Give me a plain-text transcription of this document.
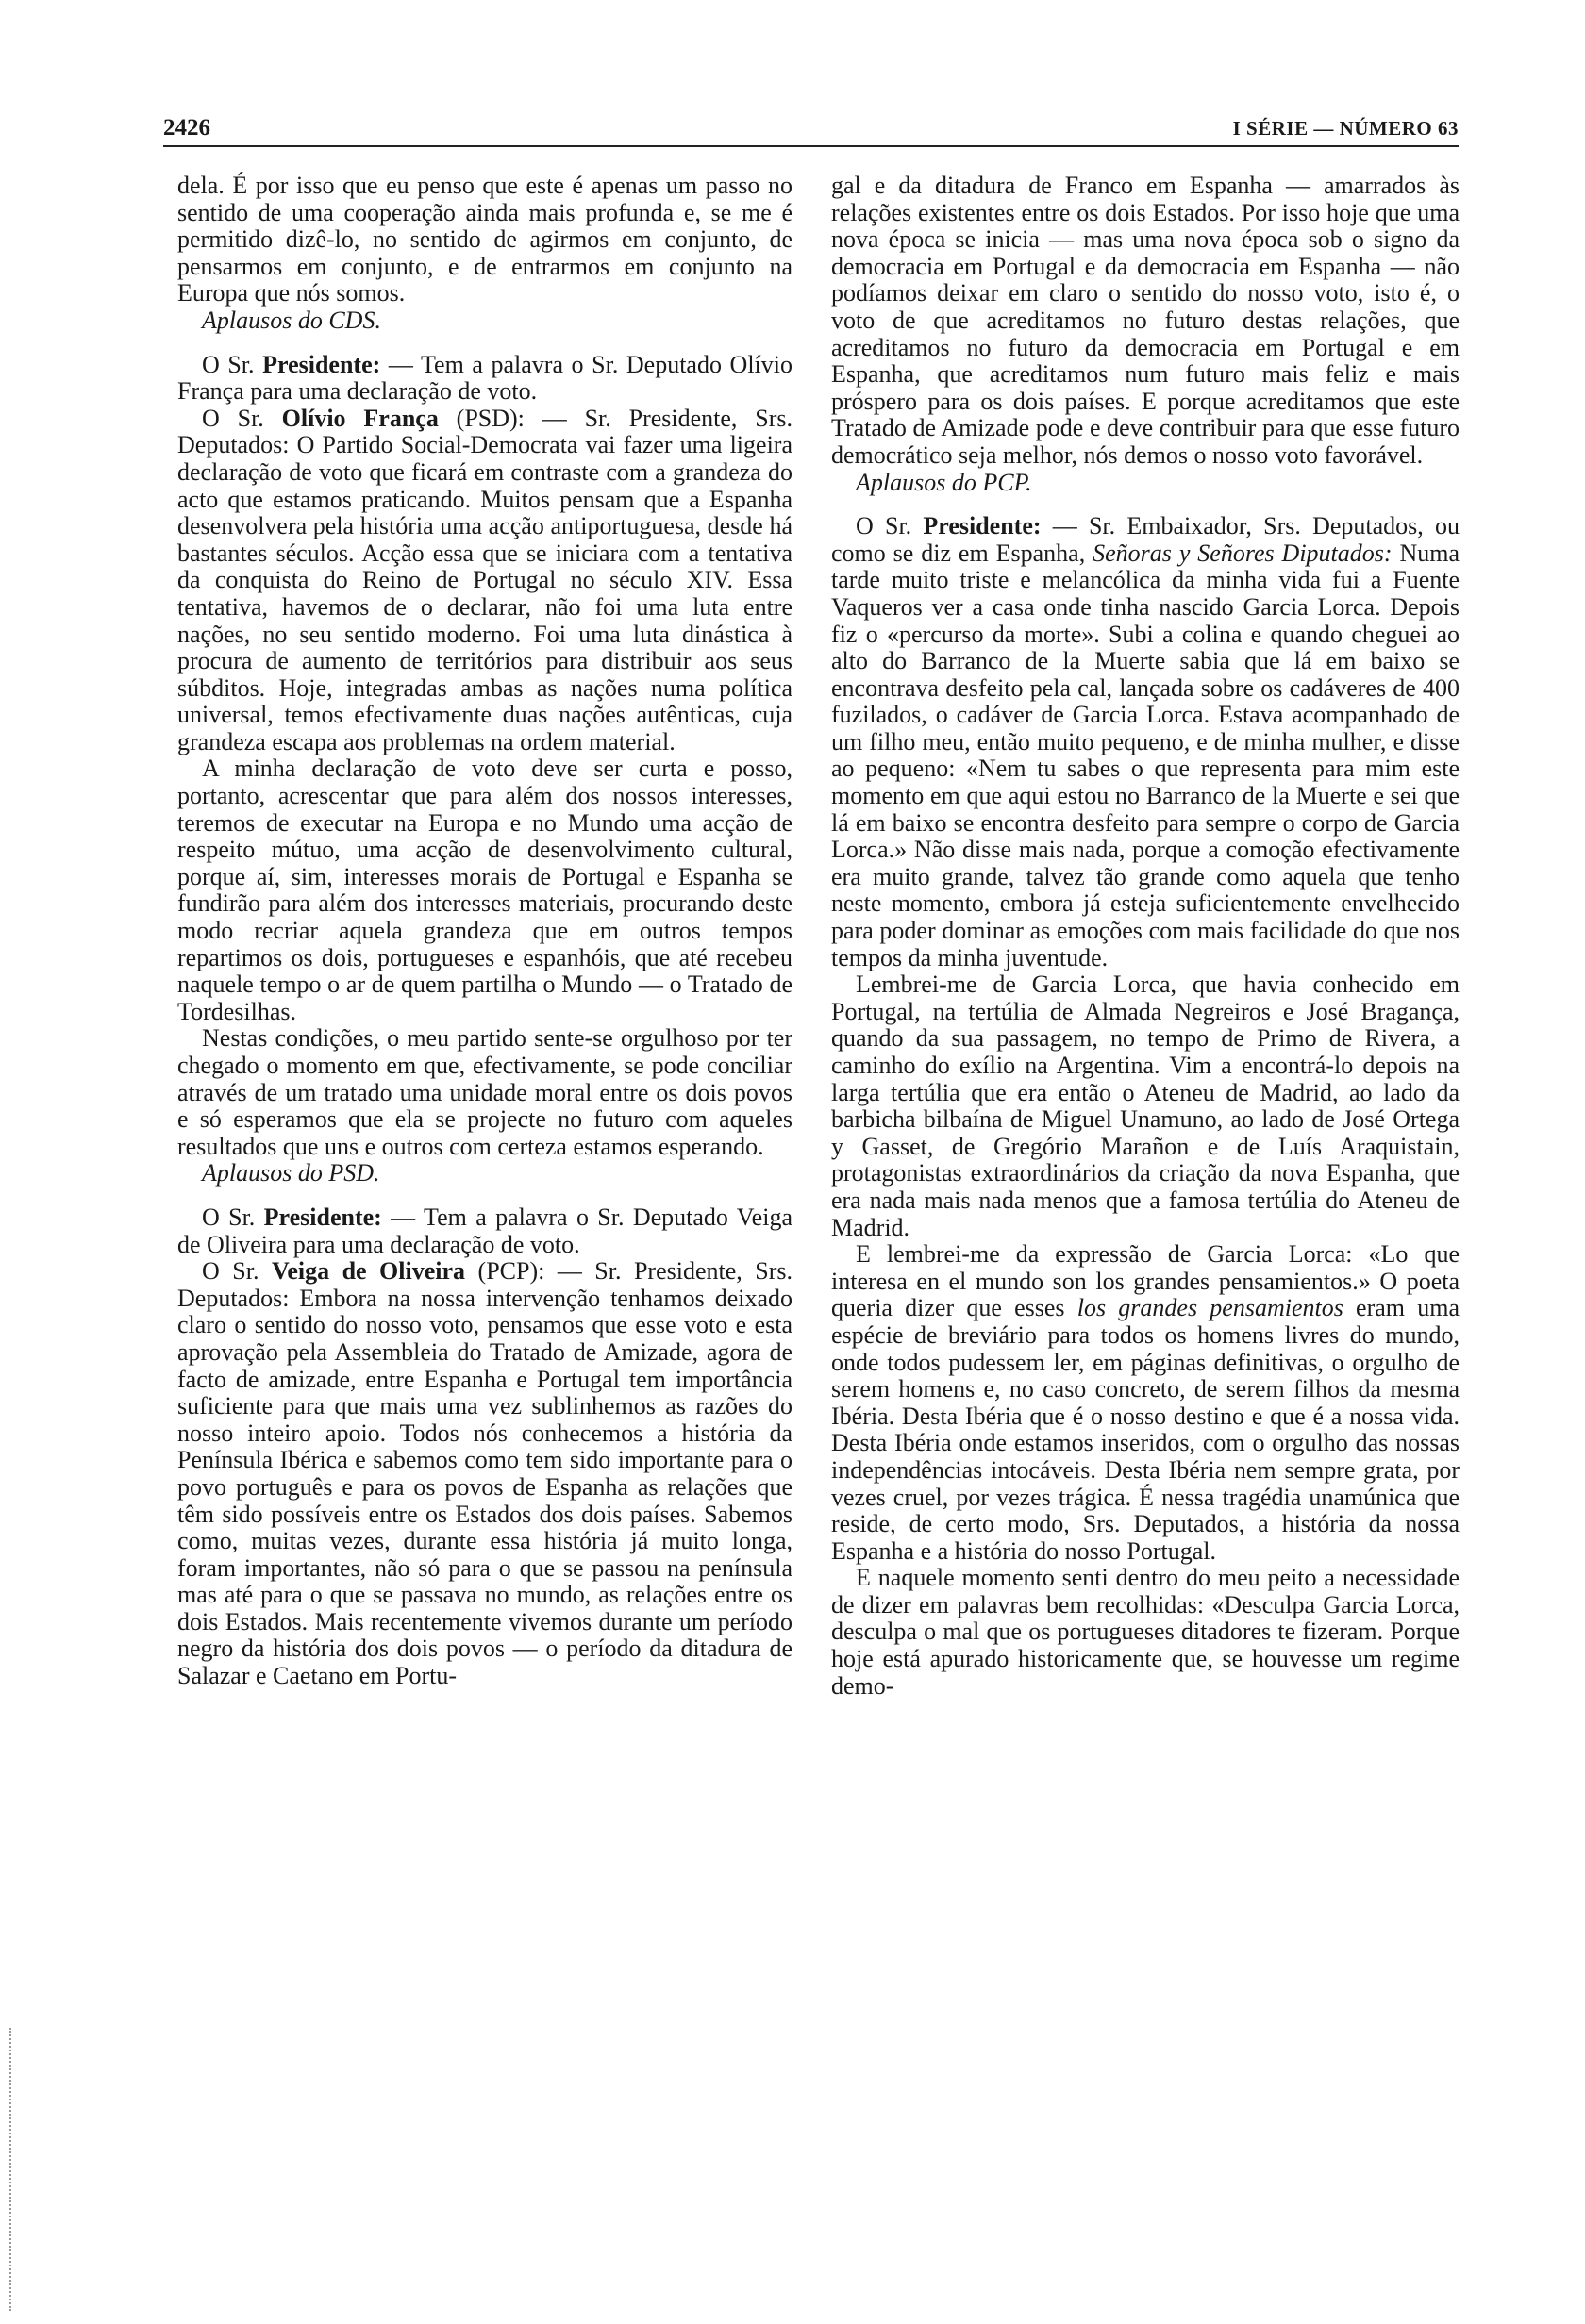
2426	I SÉRIE — NÚMERO 63

dela. É por isso que eu penso que este é apenas um passo no sentido de uma cooperação ainda mais profunda e, se me é permitido dizê-lo, no sentido de agirmos em conjunto, de pensarmos em conjunto, e de entrarmos em conjunto na Europa que nós somos.

Aplausos do CDS.

O Sr. Presidente: — Tem a palavra o Sr. Deputado Olívio França para uma declaração de voto.

O Sr. Olívio França (PSD): — Sr. Presidente, Srs. Deputados: O Partido Social-Democrata vai fazer uma ligeira declaração de voto que ficará em contraste com a grandeza do acto que estamos praticando. Muitos pensam que a Espanha desenvolvera pela história uma acção antiportuguesa, desde há bastantes séculos. Acção essa que se iniciara com a tentativa da conquista do Reino de Portugal no século XIV. Essa tentativa, havemos de o declarar, não foi uma luta entre nações, no seu sentido moderno. Foi uma luta dinástica à procura de aumento de territórios para distribuir aos seus súbditos. Hoje, integradas ambas as nações numa política universal, temos efectivamente duas nações autênticas, cuja grandeza escapa aos problemas na ordem material.

A minha declaração de voto deve ser curta e posso, portanto, acrescentar que para além dos nossos interesses, teremos de executar na Europa e no Mundo uma acção de respeito mútuo, uma acção de desenvolvimento cultural, porque aí, sim, interesses morais de Portugal e Espanha se fundirão para além dos interesses materiais, procurando deste modo recriar aquela grandeza que em outros tempos repartimos os dois, portugueses e espanhóis, que até recebeu naquele tempo o ar de quem partilha o Mundo — o Tratado de Tordesilhas.

Nestas condições, o meu partido sente-se orgulhoso por ter chegado o momento em que, efectivamente, se pode conciliar através de um tratado uma unidade moral entre os dois povos e só esperamos que ela se projecte no futuro com aqueles resultados que uns e outros com certeza estamos esperando.

Aplausos do PSD.

O Sr. Presidente: — Tem a palavra o Sr. Deputado Veiga de Oliveira para uma declaração de voto.

O Sr. Veiga de Oliveira (PCP): — Sr. Presidente, Srs. Deputados: Embora na nossa intervenção tenhamos deixado claro o sentido do nosso voto, pensamos que esse voto e esta aprovação pela Assembleia do Tratado de Amizade, agora de facto de amizade, entre Espanha e Portugal tem importância suficiente para que mais uma vez sublinhemos as razões do nosso inteiro apoio. Todos nós conhecemos a história da Península Ibérica e sabemos como tem sido importante para o povo português e para os povos de Espanha as relações que têm sido possíveis entre os Estados dos dois países. Sabemos como, muitas vezes, durante essa história já muito longa, foram importantes, não só para o que se passou na península mas até para o que se passava no mundo, as relações entre os dois Estados. Mais recentemente vivemos durante um período negro da história dos dois povos — o período da ditadura de Salazar e Caetano em Portu-

gal e da ditadura de Franco em Espanha — amarrados às relações existentes entre os dois Estados. Por isso hoje que uma nova época se inicia — mas uma nova época sob o signo da democracia em Portugal e da democracia em Espanha — não podíamos deixar em claro o sentido do nosso voto, isto é, o voto de que acreditamos no futuro destas relações, que acreditamos no futuro da democracia em Portugal e em Espanha, que acreditamos num futuro mais feliz e mais próspero para os dois países. E porque acreditamos que este Tratado de Amizade pode e deve contribuir para que esse futuro democrático seja melhor, nós demos o nosso voto favorável.

Aplausos do PCP.

O Sr. Presidente: — Sr. Embaixador, Srs. Deputados, ou como se diz em Espanha, Señoras y Señores Diputados: Numa tarde muito triste e melancólica da minha vida fui a Fuente Vaqueros ver a casa onde tinha nascido Garcia Lorca. Depois fiz o «percurso da morte». Subi a colina e quando cheguei ao alto do Barranco de la Muerte sabia que lá em baixo se encontrava desfeito pela cal, lançada sobre os cadáveres de 400 fuzilados, o cadáver de Garcia Lorca. Estava acompanhado de um filho meu, então muito pequeno, e de minha mulher, e disse ao pequeno: «Nem tu sabes o que representa para mim este momento em que aqui estou no Barranco de la Muerte e sei que lá em baixo se encontra desfeito para sempre o corpo de Garcia Lorca.» Não disse mais nada, porque a comoção efectivamente era muito grande, talvez tão grande como aquela que tenho neste momento, embora já esteja suficientemente envelhecido para poder dominar as emoções com mais facilidade do que nos tempos da minha juventude.

Lembrei-me de Garcia Lorca, que havia conhecido em Portugal, na tertúlia de Almada Negreiros e José Bragança, quando da sua passagem, no tempo de Primo de Rivera, a caminho do exílio na Argentina. Vim a encontrá-lo depois na larga tertúlia que era então o Ateneu de Madrid, ao lado da barbicha bilbaína de Miguel Unamuno, ao lado de José Ortega y Gasset, de Gregório Marañon e de Luís Araquistain, protagonistas extraordinários da criação da nova Espanha, que era nada mais nada menos que a famosa tertúlia do Ateneu de Madrid.

E lembrei-me da expressão de Garcia Lorca: «Lo que interesa en el mundo son los grandes pensamientos.» O poeta queria dizer que esses los grandes pensamientos eram uma espécie de breviário para todos os homens livres do mundo, onde todos pudessem ler, em páginas definitivas, o orgulho de serem homens e, no caso concreto, de serem filhos da mesma Ibéria. Desta Ibéria que é o nosso destino e que é a nossa vida. Desta Ibéria onde estamos inseridos, com o orgulho das nossas independências intocáveis. Desta Ibéria nem sempre grata, por vezes cruel, por vezes trágica. É nessa tragédia unamúnica que reside, de certo modo, Srs. Deputados, a história da nossa Espanha e a história do nosso Portugal.

E naquele momento senti dentro do meu peito a necessidade de dizer em palavras bem recolhidas: «Desculpa Garcia Lorca, desculpa o mal que os portugueses ditadores te fizeram. Porque hoje está apurado historicamente que, se houvesse um regime demo-
